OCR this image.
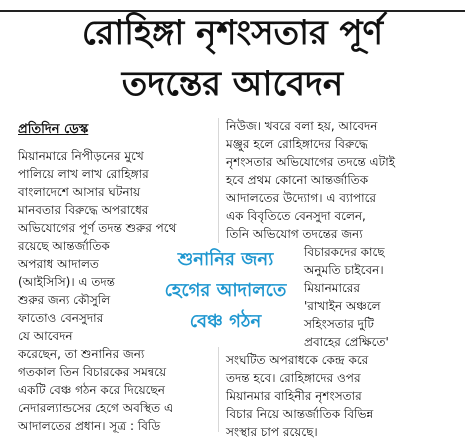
রোহিঙ্গা নৃশংসতার পূর্ণ
তদন্তের আবেদন
প্রতিদিন ডেস্ক
মিয়ানমারে নিপীড়নের মুখে
পালিয়ে লাখ লাখ রোহিঙ্গার
বাংলাদেশে আসার ঘটনায়
মানবতার বিরুদ্ধে অপরাধের
অভিযোগের পূর্ণ তদন্ত শুরুর পথে
রয়েছে আন্তর্জাতিক
অপরাধ আদালত
(আইসিসি)। এ তদন্ত
শুরুর জন্য কৌসুলি
ফাতোও বেনসুদার
যে আবেদন
করেছেন, তা শুনানির জন্য
গতকাল তিন বিচারকের সমন্বয়ে
একটি বেঞ্চ গঠন করে দিয়েছেন
নেদারল্যান্ডসের হেগে অবস্থিত এ
আদালতের প্রধান। সূত্র : বিডি
নিউজ। খবরে বলা হয়, আবেদন
মঞ্জুর হলে রোহিঙ্গাদের বিরুদ্ধে
নৃশংসতার অভিযোগের তদন্তে এটাই
হবে প্রথম কোনো আন্তর্জাতিক
আদালতের উদ্যোগ। এ ব্যাপারে
এক বিবৃতিতে বেনসুদা বলেন,
তিনি অভিযোগ তদন্তের জন্য
বিচারকদের কাছে
অনুমতি চাইবেন।
মিয়ানমারের
'রাখাইন অঞ্চলে
সহিংসতার দুটি
প্রবাহের প্রেক্ষিতে'
সংঘটিত অপরাধকে কেন্দ্র করে
তদন্ত হবে। রোহিঙ্গাদের ওপর
মিয়ানমার বাহিনীর নৃশংসতার
বিচার নিয়ে আন্তর্জাতিক বিভিন্ন
সংস্থার চাপ রয়েছে।
শুনানির জন্য
হেগের আদালতে
বেঞ্চ গঠন
